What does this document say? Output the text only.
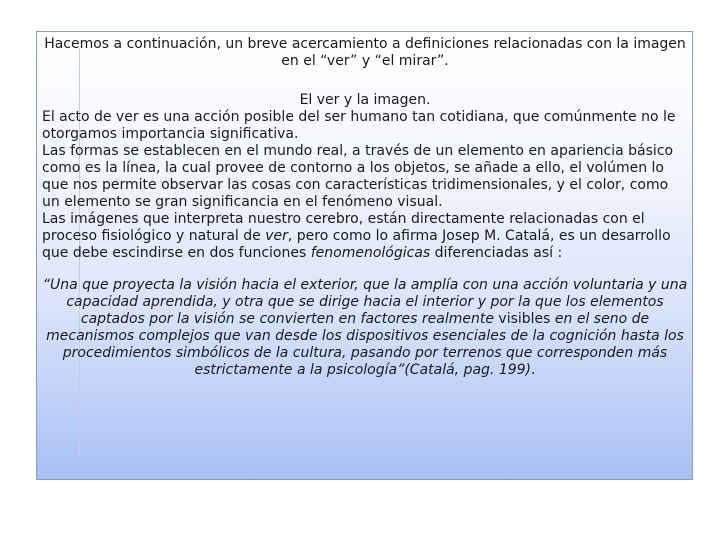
Hacemos a continuación, un breve acercamiento a definiciones relacionadas con la imagen en el “ver” y “el mirar”.

El ver y la imagen.

El acto de ver es una acción posible del ser humano tan cotidiana, que comúnmente no le otorgamos importancia significativa.

Las formas se establecen en el mundo real, a través de un elemento en apariencia básico como es la línea, la cual provee de contorno a los objetos, se añade a ello, el volúmen lo que nos permite observar las cosas con características tridimensionales, y el color, como un elemento se gran significancia en el fenómeno visual.

Las imágenes que interpreta nuestro cerebro, están directamente relacionadas con el proceso fisiológico y natural de ver, pero como lo afirma Josep M. Catalá, es un desarrollo que debe escindirse en dos funciones fenomenológicas diferenciadas así :

“Una que proyecta la visión hacia el exterior, que la amplía con una acción voluntaria y una capacidad aprendida, y otra que se dirige hacia el interior y por la que los elementos captados por la visión se convierten en factores realmente visibles en el seno de mecanismos complejos que van desde los dispositivos esenciales de la cognición hasta los procedimientos simbólicos de la cultura, pasando por terrenos que corresponden más estrictamente a la psicología”(Catalá, pag. 199).
